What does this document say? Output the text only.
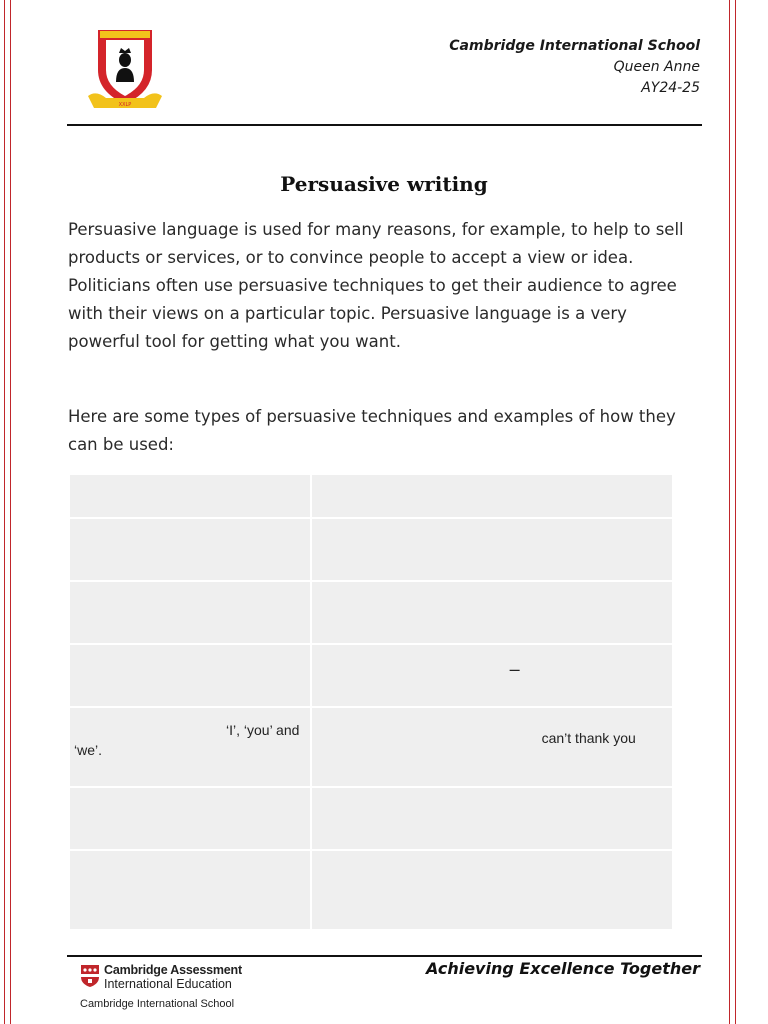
XXLP
Cambridge International School
Queen Anne
AY24-25
Persuasive writing

Persuasive language is used for many reasons, for example, to help to sell products or services, or to convince people to accept a view or idea. Politicians often use persuasive techniques to get their audience to agree with their views on a particular topic. Persuasive language is a very powerful tool for getting what you want.

Here are some types of persuasive techniques and examples of how they can be used:

	–

‘I’, ‘you’ and
‘we’.	can’t thank you

Cambridge Assessment
International Education
Cambridge International School
Achieving Excellence Together
